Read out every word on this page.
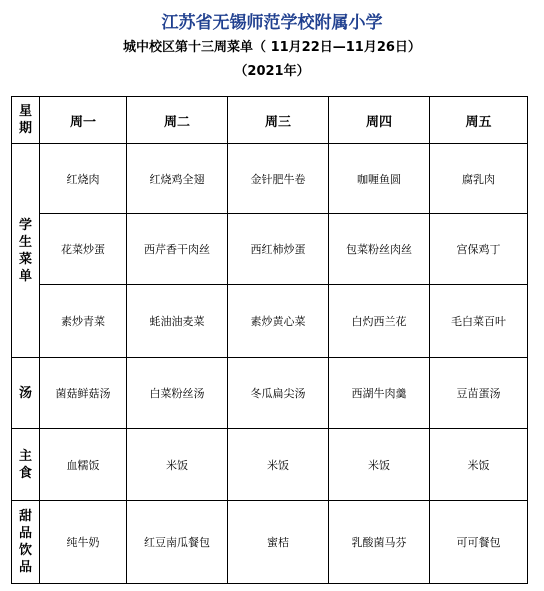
江苏省无锡师范学校附属小学
城中校区第十三周菜单（ 11月22日—11月26日）
（2021年）
星期	周一	周二	周三	周四	周五

学生菜单	红烧肉	红烧鸡全翅	金针肥牛卷	咖喱鱼圆	腐乳肉
	花菜炒蛋	西芹香干肉丝	西红柿炒蛋	包菜粉丝肉丝	宫保鸡丁
	素炒青菜	蚝油油麦菜	素炒黄心菜	白灼西兰花	毛白菜百叶

汤	菌菇鲜菇汤	白菜粉丝汤	冬瓜扁尖汤	西湖牛肉羹	豆苗蛋汤

主食	血糯饭	米饭	米饭	米饭	米饭

甜品饮品	纯牛奶	红豆南瓜餐包	蜜桔	乳酸菌马芬	可可餐包
